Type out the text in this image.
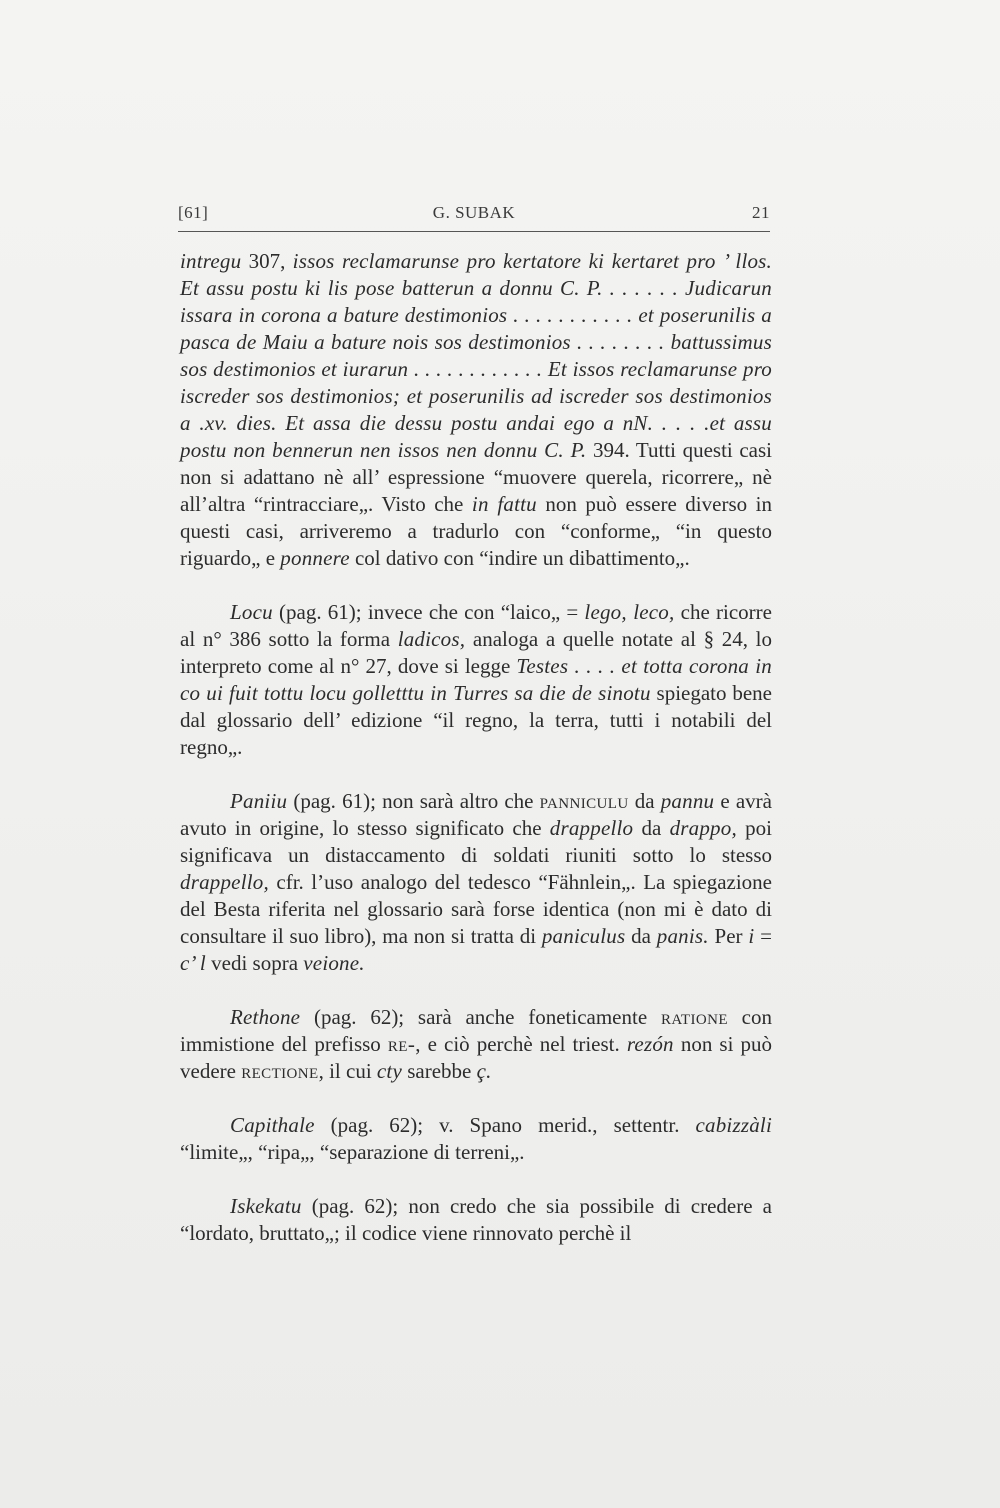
[61]	G. SUBAK	21

intregu 307, issos reclamarunse pro kertatore ki kertaret pro ’ llos. Et assu postu ki lis pose batterun a donnu C. P. . . . . . . Judicarun issara in corona a bature destimonios . . . . . . . . . . . et poserunilis a pasca de Maiu a bature nois sos destimonios . . . . . . . . battussimus sos destimonios et iurarun . . . . . . . . . . . . Et issos reclamarunse pro iscreder sos destimonios; et poserunilis ad iscreder sos destimonios a .xv. dies. Et assa die dessu postu andai ego a nN. . . . .et assu postu non bennerun nen issos nen donnu C. P. 394. Tutti questi casi non si adattano nè all’ espressione “muovere querela, ricorrere„ nè all’altra “rintracciare„. Visto che in fattu non può essere diverso in questi casi, arriveremo a tradurlo con “conforme„ “in questo riguardo„ e ponnere col dativo con “indire un dibattimento„.

Locu (pag. 61); invece che con “laico„ = lego, leco, che ricorre al n° 386 sotto la forma ladicos, analoga a quelle notate al § 24, lo interpreto come al n° 27, dove si legge Testes . . . . et totta corona in co ui fuit tottu locu golletttu in Turres sa die de sinotu spiegato bene dal glossario dell’ edizione “il regno, la terra, tutti i notabili del regno„.

Paniiu (pag. 61); non sarà altro che panniculu da pannu e avrà avuto in origine, lo stesso significato che drappello da drappo, poi significava un distaccamento di soldati riuniti sotto lo stesso drappello, cfr. l’uso analogo del tedesco “Fähnlein„. La spiegazione del Besta riferita nel glossario sarà forse identica (non mi è dato di consultare il suo libro), ma non si tratta di paniculus da panis. Per i = c’ l vedi sopra veione.

Rethone (pag. 62); sarà anche foneticamente ratione con immistione del prefisso re-, e ciò perchè nel triest. rezón non si può vedere rectione, il cui cty sarebbe ç.

Capithale (pag. 62); v. Spano merid., settentr. cabizzàli “limite„, “ripa„, “separazione di terreni„.

Iskekatu (pag. 62); non credo che sia possibile di credere a “lordato, bruttato„; il codice viene rinnovato perchè il
